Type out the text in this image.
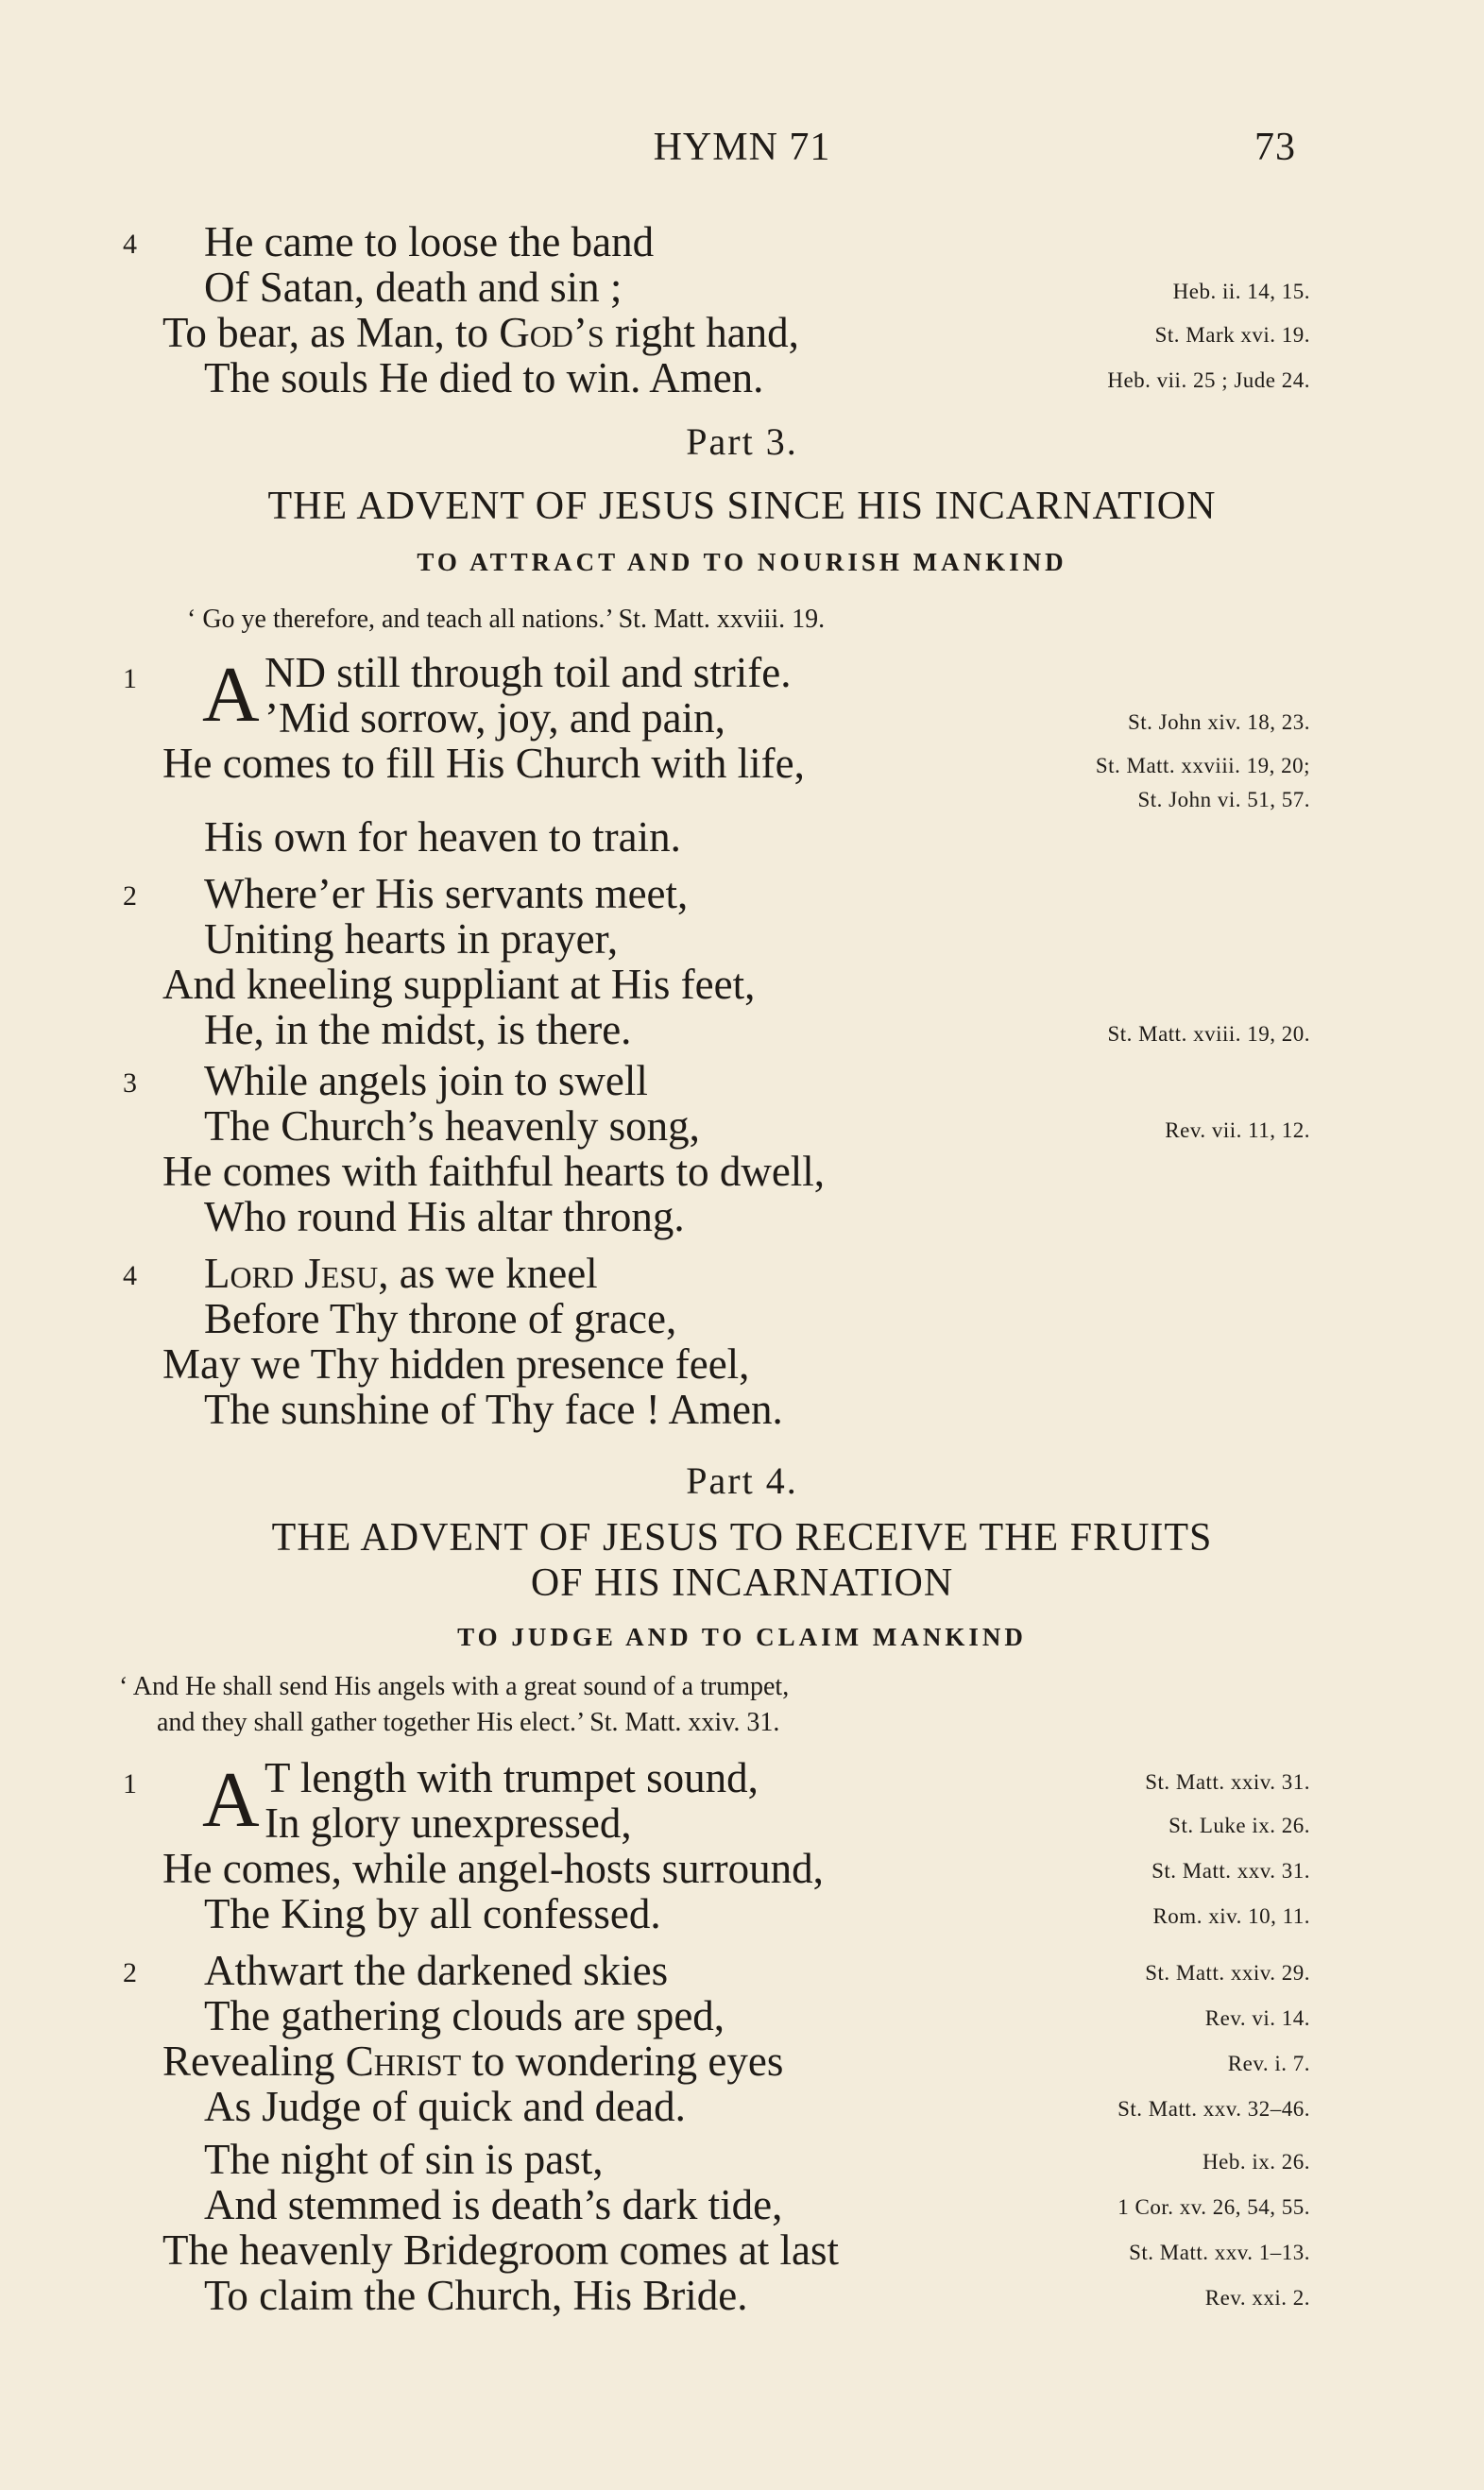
HYMN 71	73
4 He came to loose the band
Of Satan, death and sin ;
To bear, as Man, to God’s right hand,
The souls He died to win. Amen.
Heb. ii. 14, 15.
St. Mark xvi. 19.
Heb. vii. 25 ; Jude 24.
Part 3.
THE ADVENT OF JESUS SINCE HIS INCARNATION
TO ATTRACT AND TO NOURISH MANKIND
‘ Go ye therefore, and teach all nations.’ St. Matt. xxviii. 19.
1 A ND still through toil and strife.
’Mid sorrow, joy, and pain,
He comes to fill His Church with life,
His own for heaven to train.
St. John xiv. 18, 23.
St. Matt. xxviii. 19, 20;
St. John vi. 51, 57.
2 Where’er His servants meet,
Uniting hearts in prayer,
And kneeling suppliant at His feet,
He, in the midst, is there.	St. Matt. xviii. 19, 20.
3 While angels join to swell
The Church’s heavenly song,
He comes with faithful hearts to dwell,
Who round His altar throng.
Rev. vii. 11, 12.
4 Lord Jesu, as we kneel
Before Thy throne of grace,
May we Thy hidden presence feel,
The sunshine of Thy face ! Amen.
Part 4.
THE ADVENT OF JESUS TO RECEIVE THE FRUITS
OF HIS INCARNATION
TO JUDGE AND TO CLAIM MANKIND
‘ And He shall send His angels with a great sound of a trumpet,
and they shall gather together His elect.’ St. Matt. xxiv. 31.
1 A T length with trumpet sound,
In glory unexpressed,
He comes, while angel-hosts surround,
The King by all confessed.
St. Matt. xxiv. 31.
St. Luke ix. 26.
St. Matt. xxv. 31.
Rom. xiv. 10, 11.
2 Athwart the darkened skies
The gathering clouds are sped,
Revealing Christ to wondering eyes
As Judge of quick and dead.
St. Matt. xxiv. 29.
Rev. vi. 14.
Rev. i. 7.
St. Matt. xxv. 32–46.
The night of sin is past,
And stemmed is death’s dark tide,
The heavenly Bridegroom comes at last
To claim the Church, His Bride.
Heb. ix. 26.
1 Cor. xv. 26, 54, 55.
St. Matt. xxv. 1–13.
Rev. xxi. 2.
